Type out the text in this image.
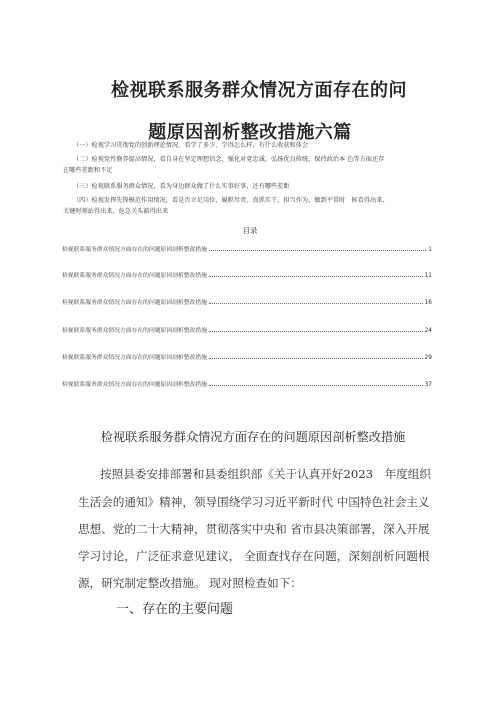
检视联系服务群众情况方面存在的问
题原因剖析整改措施六篇
（一）检视学习贯彻党的创新理论情况，看学了多少、学得怎么样，有什么收获和体会
（二）检视党性修养提高情况，看自身在坚定理想信念、强化对党忠诚、弘扬优良传统、保持政治本 色等方面还存
在哪些差距和不足
（三）检视联系服务群众情况，看为身边群众做了什么实事好事，还有哪些差距
（四）检视发挥先锋模范作用情况，看是否立足岗位、履职尽责、真抓实干、担当作为，做到平常时　候看得出来、
关键时刻站得出来、危急关头豁得出来
目录
检视联系服务群众情况方面存在的问题原因剖析整改措施	1
检视联系服务群众情况方面存在的问题原因剖析整改措施	11
检视联系服务群众情况方面存在的问题原因剖析整改措施	16
检视联系服务群众情况方面存在的问题原因剖析整改措施	24
检视联系服务群众情况方面存在的问题原因剖析整改措施	29
检视联系服务群众情况方面存在的问题原因剖析整改措施	37
检视联系服务群众情况方面存在的问题原因剖析整改措施
按照县委安排部署和县委组织部《关于认真开好2023　年度组织
生活会的通知》精神，领导围绕学习习近平新时代 中国特色社会主义
思想、党的二十大精神，贯彻落实中央和 省市县决策部署，深入开展
学习讨论，广泛征求意见建议， 全面查找存在问题，深刻剖析问题根
源，研究制定整改措施。 现对照检查如下：
一、存在的主要问题
